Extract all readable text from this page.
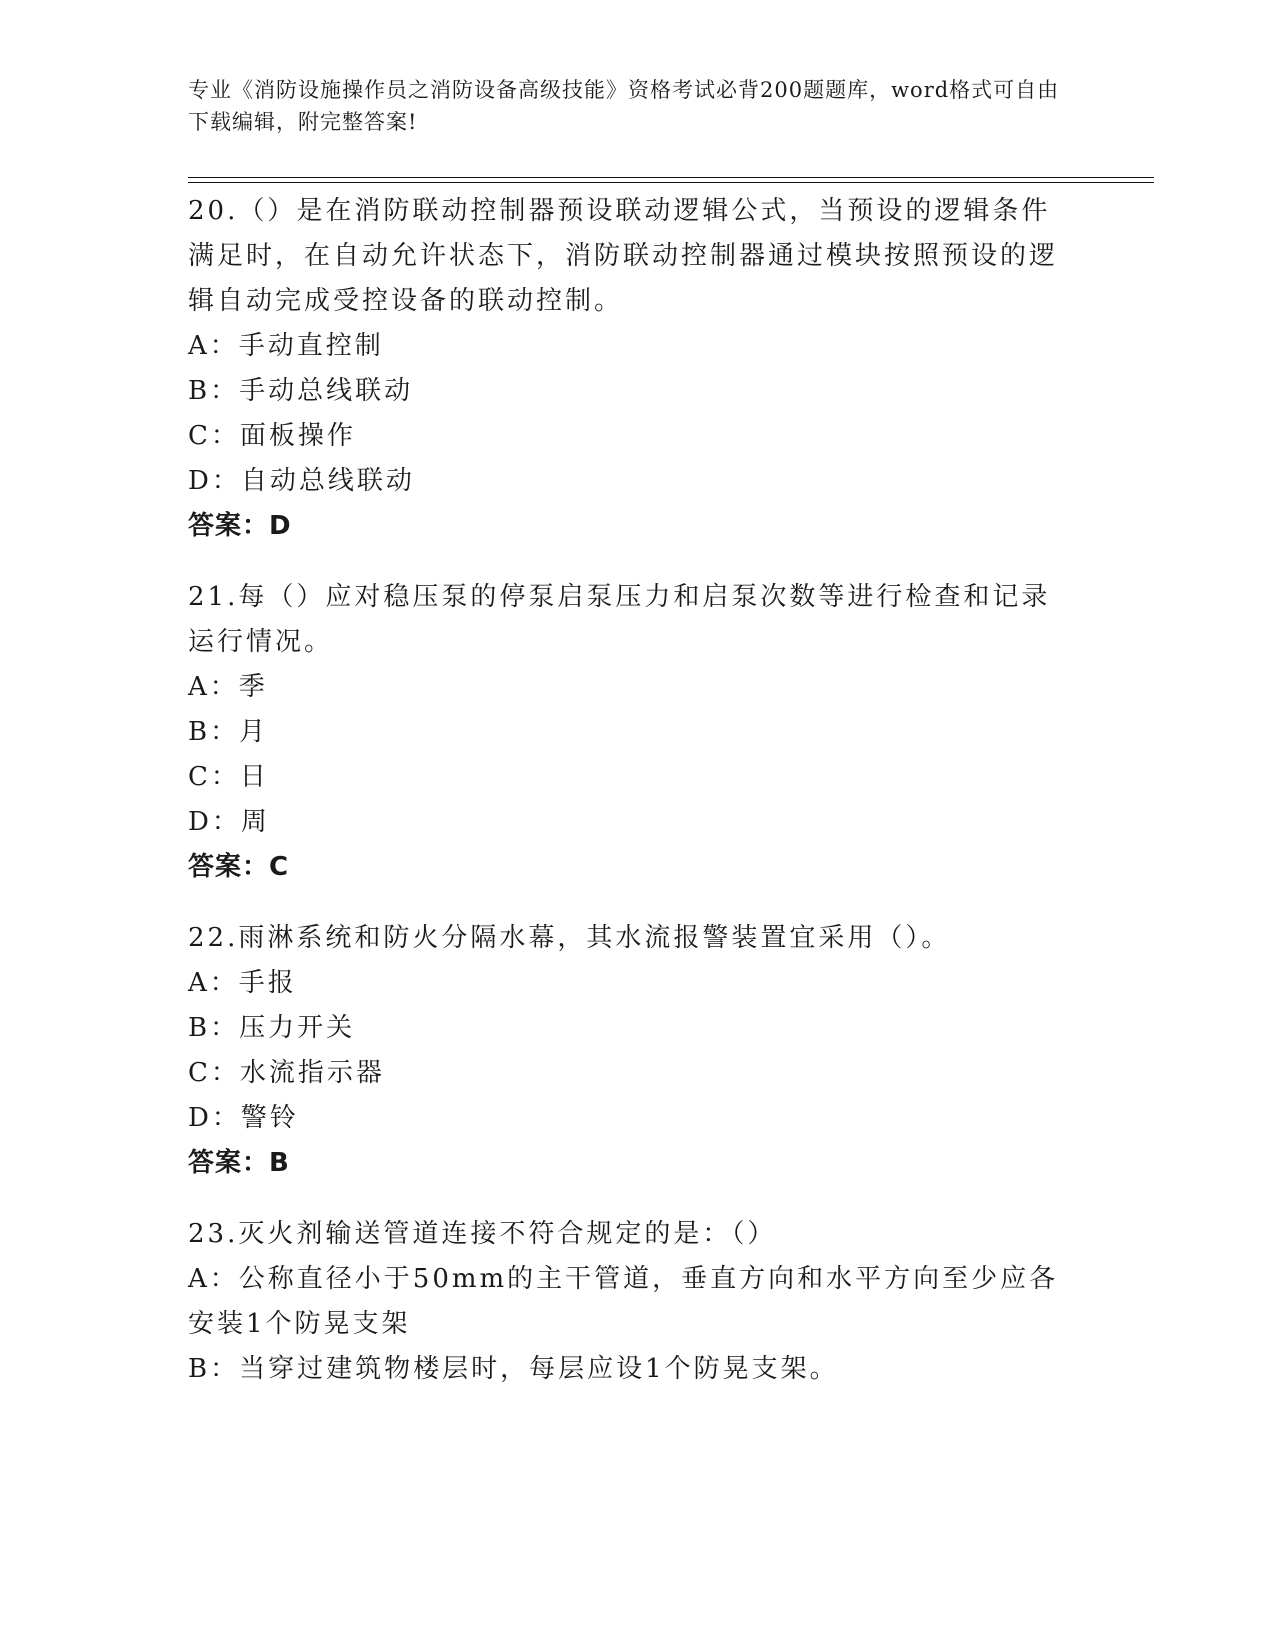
专业《消防设施操作员之消防设备高级技能》资格考试必背200题题库，word格式可自由下载编辑，附完整答案!
20.（）是在消防联动控制器预设联动逻辑公式，当预设的逻辑条件满足时，在自动允许状态下，消防联动控制器通过模块按照预设的逻辑自动完成受控设备的联动控制。
A：手动直控制
B：手动总线联动
C：面板操作
D：自动总线联动
答案：D
21.每（）应对稳压泵的停泵启泵压力和启泵次数等进行检查和记录运行情况。
A：季
B：月
C：日
D：周
答案：C
22.雨淋系统和防火分隔水幕，其水流报警装置宜采用（）。
A：手报
B：压力开关
C：水流指示器
D：警铃
答案：B
23.灭火剂输送管道连接不符合规定的是：（）
A：公称直径小于50mm的主干管道，垂直方向和水平方向至少应各安装1个防晃支架
B：当穿过建筑物楼层时，每层应设1个防晃支架。
